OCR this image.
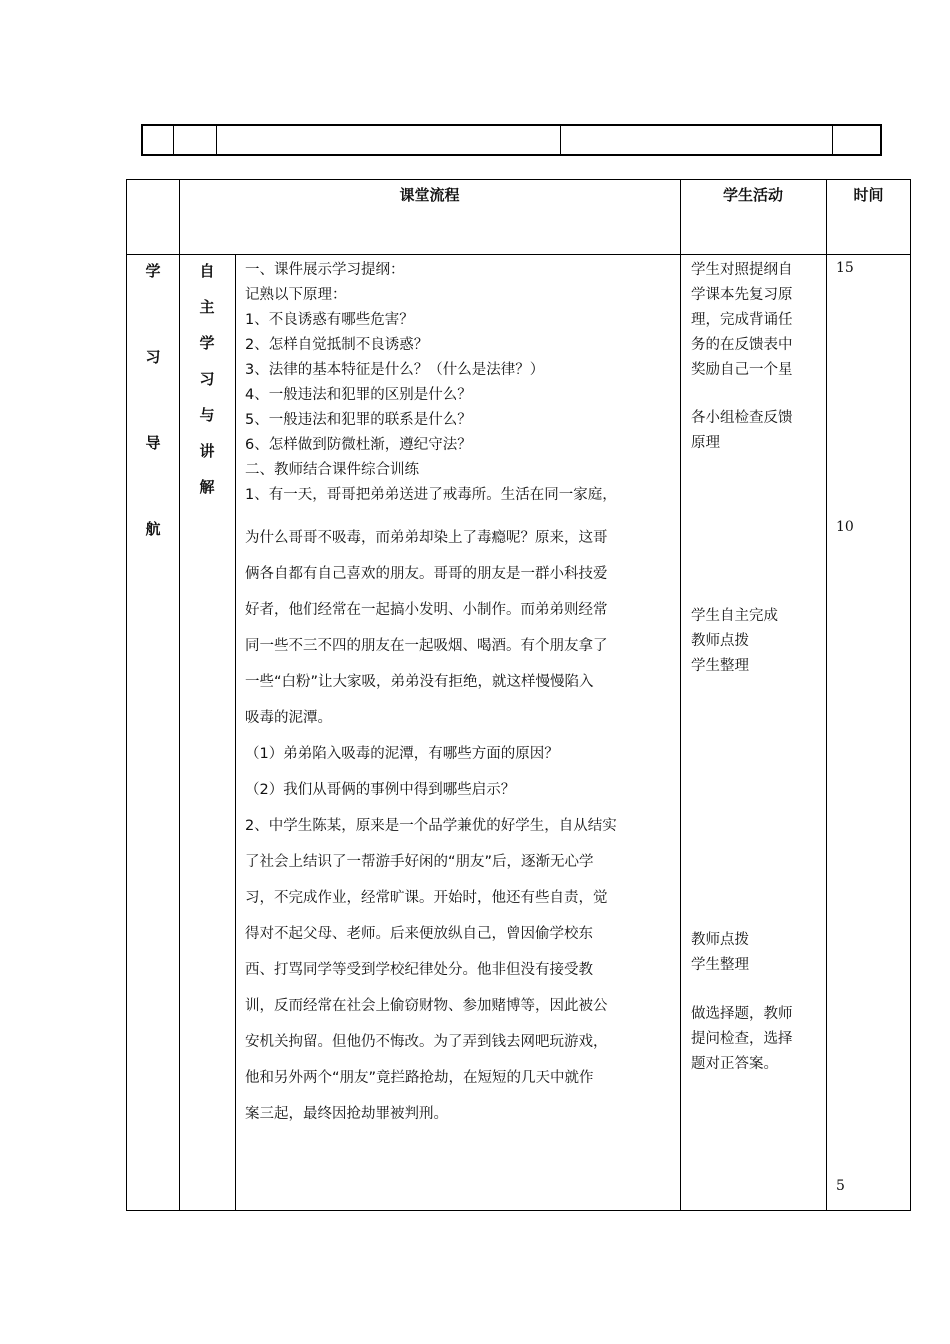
课堂流程	学生活动	时间
学
习
导
航
自
主
学
习
与
讲
解
一、课件展示学习提纲：
记熟以下原理：
1、不良诱惑有哪些危害？
2、怎样自觉抵制不良诱惑？
3、法律的基本特征是什么？（什么是法律？）
4、一般违法和犯罪的区别是什么？
5、一般违法和犯罪的联系是什么？
6、怎样做到防微杜渐，遵纪守法？
二、教师结合课件综合训练
1、有一天，哥哥把弟弟送进了戒毒所。生活在同一家庭，
为什么哥哥不吸毒，而弟弟却染上了毒瘾呢？原来，这哥
俩各自都有自己喜欢的朋友。哥哥的朋友是一群小科技爱
好者，他们经常在一起搞小发明、小制作。而弟弟则经常
同一些不三不四的朋友在一起吸烟、喝酒。有个朋友拿了
一些“白粉”让大家吸，弟弟没有拒绝，就这样慢慢陷入
吸毒的泥潭。
（1）弟弟陷入吸毒的泥潭，有哪些方面的原因？
（2）我们从哥俩的事例中得到哪些启示？
2、中学生陈某，原来是一个品学兼优的好学生，自从结实
了社会上结识了一帮游手好闲的“朋友”后，逐渐无心学
习，不完成作业，经常旷课。开始时，他还有些自责，觉
得对不起父母、老师。后来便放纵自己，曾因偷学校东
西、打骂同学等受到学校纪律处分。他非但没有接受教
训，反而经常在社会上偷窃财物、参加赌博等，因此被公
安机关拘留。但他仍不悔改。为了弄到钱去网吧玩游戏，
他和另外两个“朋友”竟拦路抢劫，在短短的几天中就作
案三起，最终因抢劫罪被判刑。
学生对照提纲自
学课本先复习原
理，完成背诵任
务的在反馈表中
奖励自己一个星
各小组检查反馈
原理
学生自主完成
教师点拨
学生整理
教师点拨
学生整理
做选择题，教师
提问检查，选择
题对正答案。
15
10
5
